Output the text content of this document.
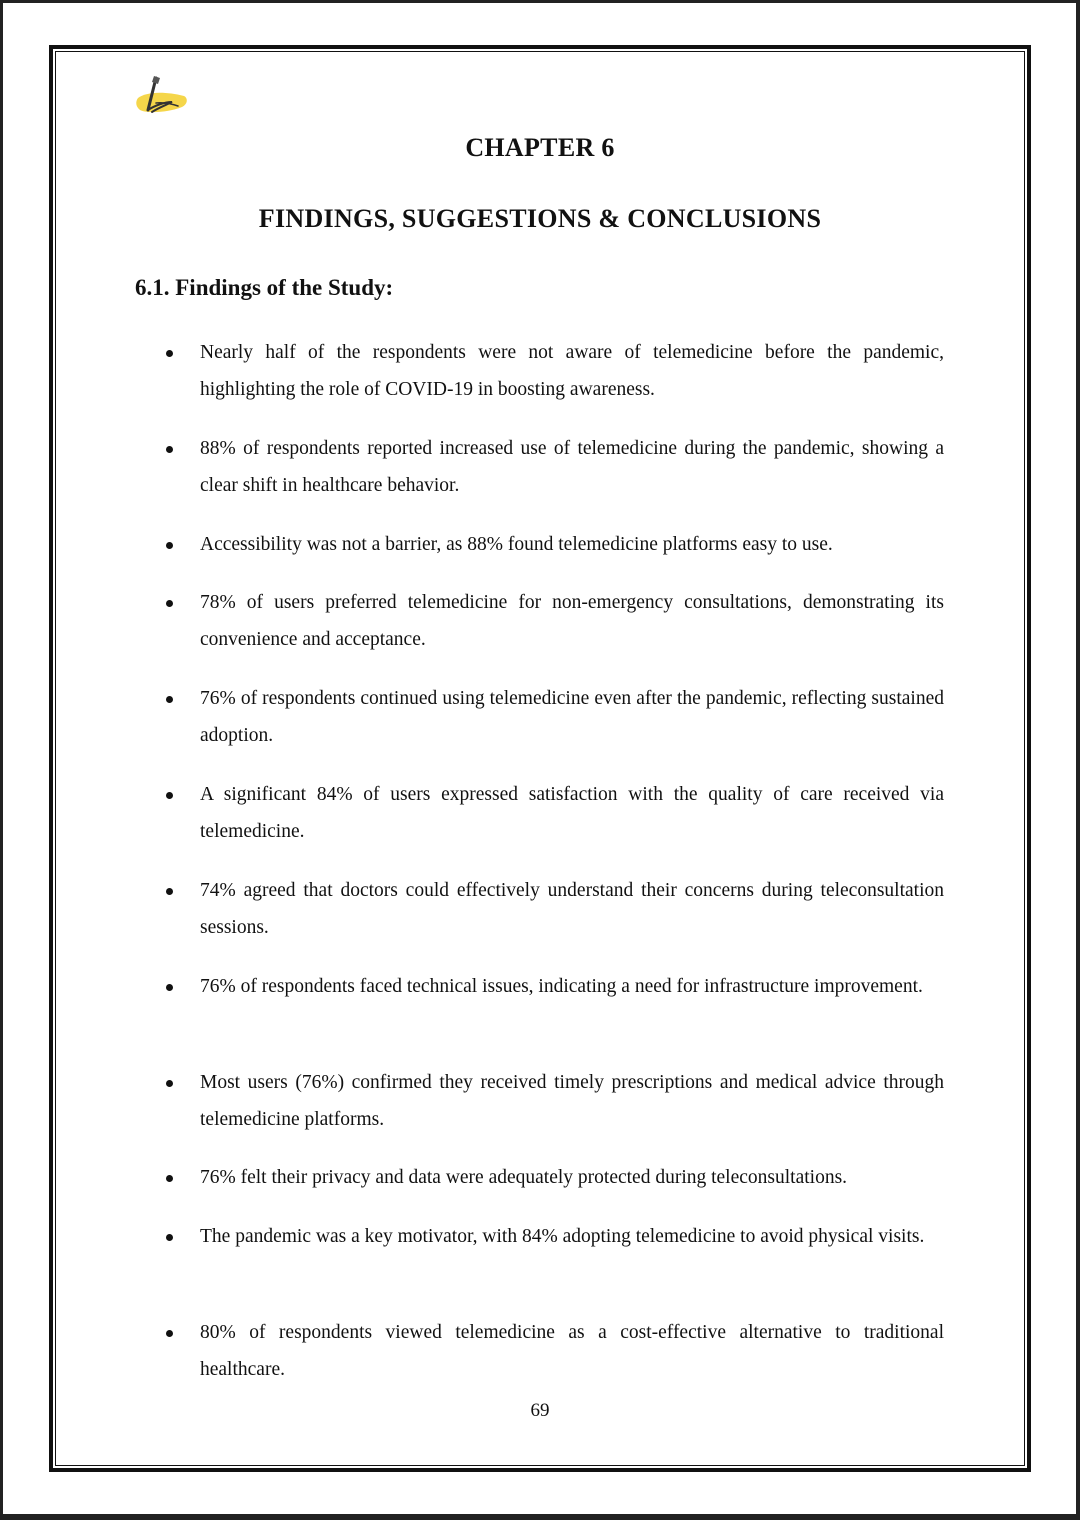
CHAPTER 6
FINDINGS, SUGGESTIONS & CONCLUSIONS
6.1. Findings of the Study:
Nearly half of the respondents were not aware of telemedicine before the pandemic, highlighting the role of COVID-19 in boosting awareness.
88% of respondents reported increased use of telemedicine during the pandemic, showing a clear shift in healthcare behavior.
Accessibility was not a barrier, as 88% found telemedicine platforms easy to use.
78% of users preferred telemedicine for non-emergency consultations, demonstrating its convenience and acceptance.
76% of respondents continued using telemedicine even after the pandemic, reflecting sustained adoption.
A significant 84% of users expressed satisfaction with the quality of care received via telemedicine.
74% agreed that doctors could effectively understand their concerns during teleconsultation sessions.
76% of respondents faced technical issues, indicating a need for infrastructure improvement.
Most users (76%) confirmed they received timely prescriptions and medical advice through telemedicine platforms.
76% felt their privacy and data were adequately protected during teleconsultations.
The pandemic was a key motivator, with 84% adopting telemedicine to avoid physical visits.
80% of respondents viewed telemedicine as a cost-effective alternative to traditional healthcare.
69
